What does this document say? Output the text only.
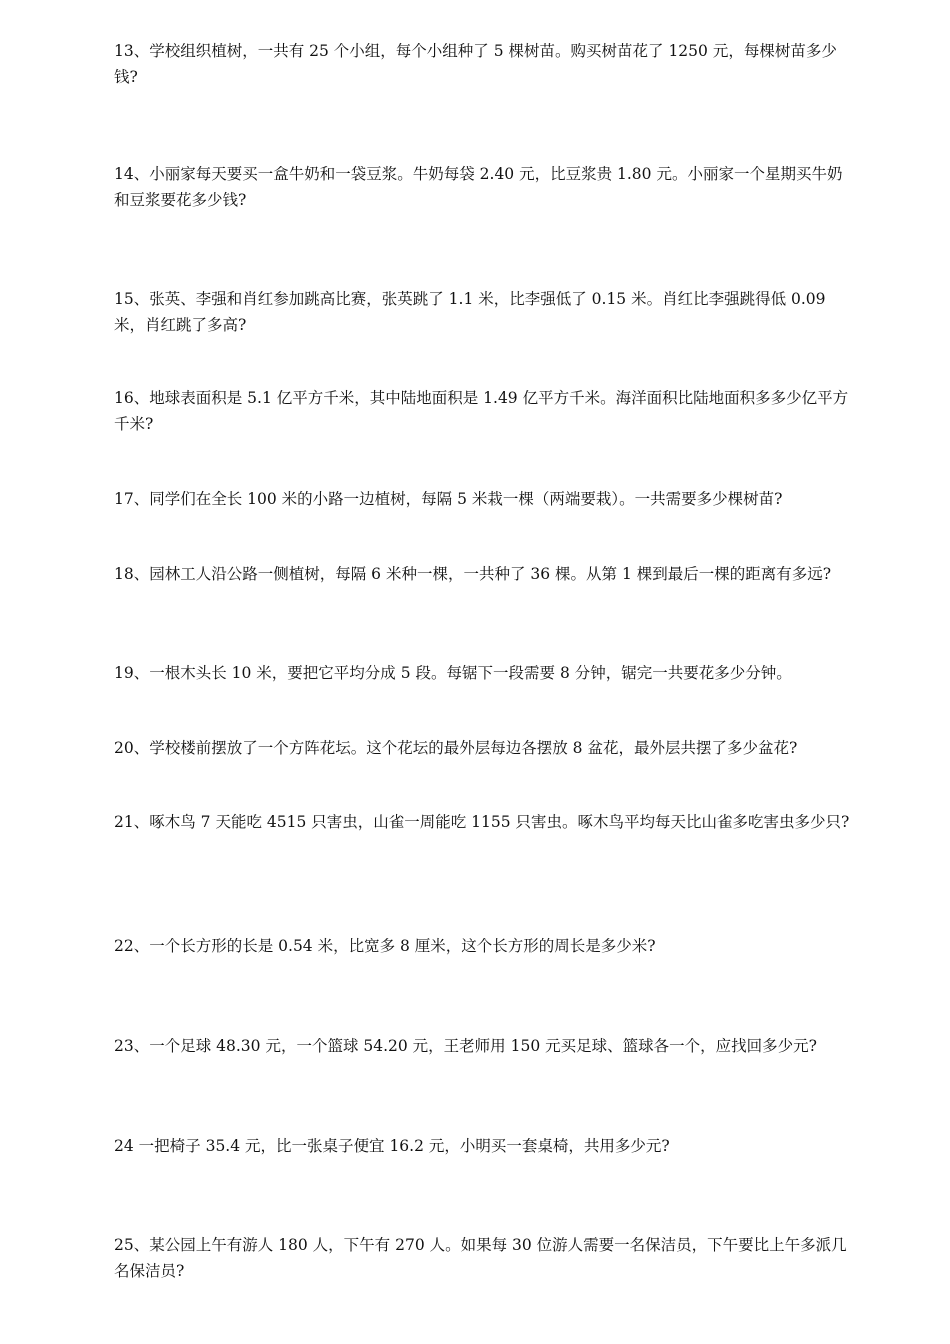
13、学校组织植树，一共有 25 个小组，每个小组种了 5 棵树苗。购买树苗花了 1250 元，每棵树苗多少钱?

14、小丽家每天要买一盒牛奶和一袋豆浆。牛奶每袋 2.40 元，比豆浆贵 1.80 元。小丽家一个星期买牛奶和豆浆要花多少钱?

15、张英、李强和肖红参加跳高比赛，张英跳了 1.1 米，比李强低了 0.15 米。肖红比李强跳得低 0.09 米，肖红跳了多高?

16、地球表面积是 5.1 亿平方千米，其中陆地面积是 1.49 亿平方千米。海洋面积比陆地面积多多少亿平方千米?

17、同学们在全长 100 米的小路一边植树，每隔 5 米栽一棵（两端要栽）。一共需要多少棵树苗?

18、园林工人沿公路一侧植树，每隔 6 米种一棵，一共种了 36 棵。从第 1 棵到最后一棵的距离有多远?

19、一根木头长 10 米，要把它平均分成 5 段。每锯下一段需要 8 分钟，锯完一共要花多少分钟。

20、学校楼前摆放了一个方阵花坛。这个花坛的最外层每边各摆放 8 盆花，最外层共摆了多少盆花?

21、啄木鸟 7 天能吃 4515 只害虫，山雀一周能吃 1155 只害虫。啄木鸟平均每天比山雀多吃害虫多少只?

22、一个长方形的长是 0.54 米，比宽多 8 厘米，这个长方形的周长是多少米?

23、一个足球 48.30 元，一个篮球 54.20 元，王老师用 150 元买足球、篮球各一个，应找回多少元?

24 一把椅子 35.4 元，比一张桌子便宜 16.2 元，小明买一套桌椅，共用多少元?

25、某公园上午有游人 180 人，下午有 270 人。如果每 30 位游人需要一名保洁员，下午要比上午多派几名保洁员?
